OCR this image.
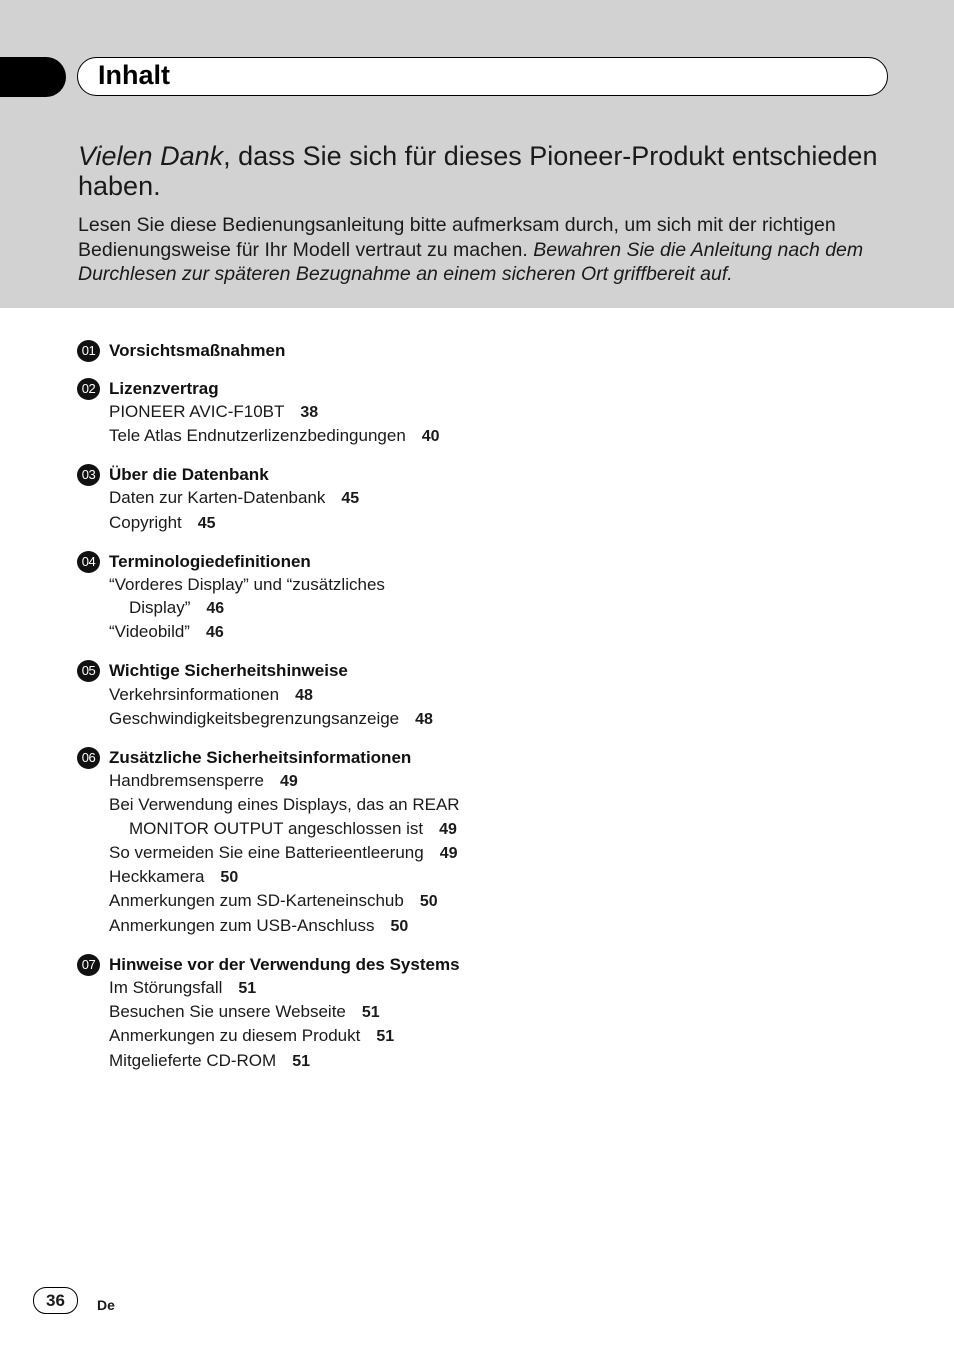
Inhalt
Vielen Dank, dass Sie sich für dieses Pioneer-Produkt entschieden haben.
Lesen Sie diese Bedienungsanleitung bitte aufmerksam durch, um sich mit der richtigen Bedienungsweise für Ihr Modell vertraut zu machen. Bewahren Sie die Anleitung nach dem Durchlesen zur späteren Bezugnahme an einem sicheren Ort griffbereit auf.
01 Vorsichtsmaßnahmen
02 Lizenzvertrag
PIONEER AVIC-F10BT 38
Tele Atlas Endnutzerlizenzbedingungen 40
03 Über die Datenbank
Daten zur Karten-Datenbank 45
Copyright 45
04 Terminologiedefinitionen
“Vorderes Display” und “zusätzliches Display” 46
“Videobild” 46
05 Wichtige Sicherheitshinweise
Verkehrsinformationen 48
Geschwindigkeitsbegrenzungsanzeige 48
06 Zusätzliche Sicherheitsinformationen
Handbremsensperre 49
Bei Verwendung eines Displays, das an REAR MONITOR OUTPUT angeschlossen ist 49
So vermeiden Sie eine Batterieentleerung 49
Heckkamera 50
Anmerkungen zum SD-Karteneinschub 50
Anmerkungen zum USB-Anschluss 50
07 Hinweise vor der Verwendung des Systems
Im Störungsfall 51
Besuchen Sie unsere Webseite 51
Anmerkungen zu diesem Produkt 51
Mitgelieferte CD-ROM 51
36	De
